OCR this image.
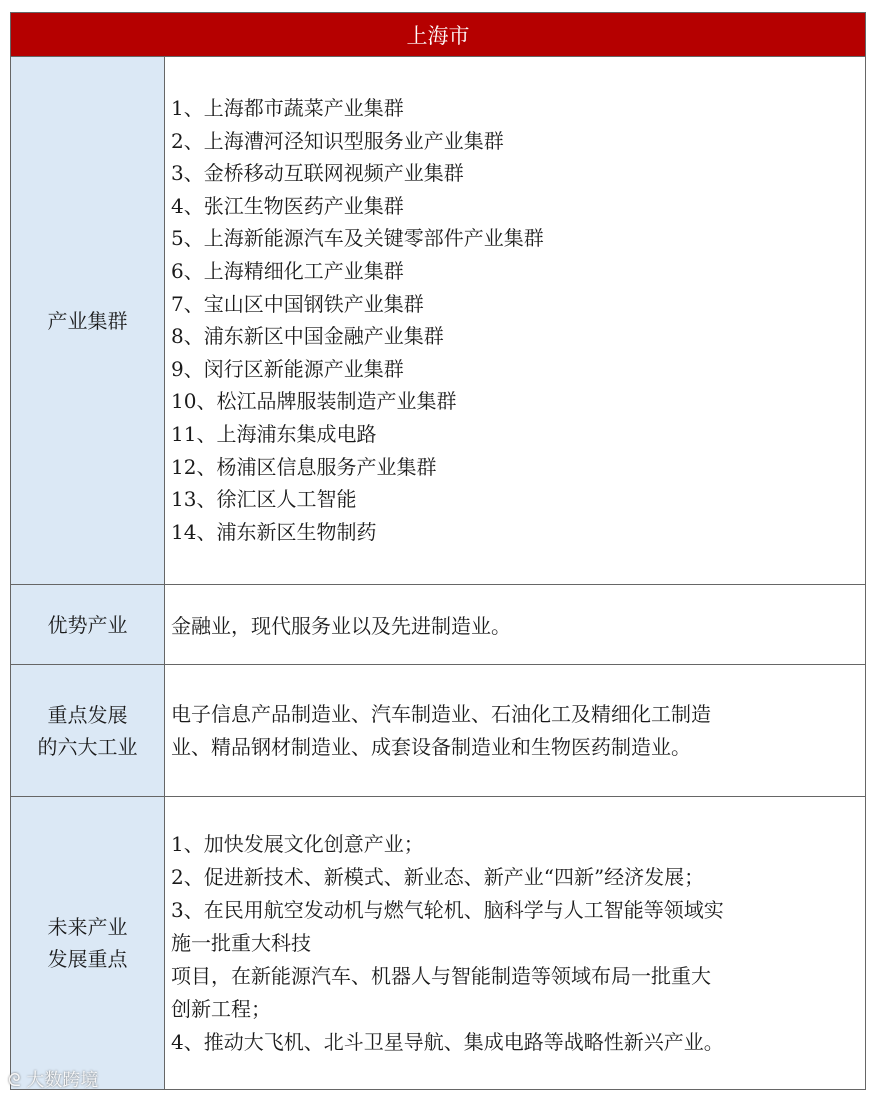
上海市
产业集群
1、上海都市蔬菜产业集群
2、上海漕河泾知识型服务业产业集群
3、金桥移动互联网视频产业集群
4、张江生物医药产业集群
5、上海新能源汽车及关键零部件产业集群
6、上海精细化工产业集群
7、宝山区中国钢铁产业集群
8、浦东新区中国金融产业集群
9、闵行区新能源产业集群
10、松江品牌服装制造产业集群
11、上海浦东集成电路
12、杨浦区信息服务产业集群
13、徐汇区人工智能
14、浦东新区生物制药
优势产业	金融业，现代服务业以及先进制造业。
重点发展
的六大工业
电子信息产品制造业、汽车制造业、石油化工及精细化工制造
业、精品钢材制造业、成套设备制造业和生物医药制造业。
未来产业
发展重点
1、加快发展文化创意产业；
2、促进新技术、新模式、新业态、新产业“四新”经济发展；
3、在民用航空发动机与燃气轮机、脑科学与人工智能等领域实
施一批重大科技
项目，在新能源汽车、机器人与智能制造等领域布局一批重大
创新工程；
4、推动大飞机、北斗卫星导航、集成电路等战略性新兴产业。
ᘓ 大数跨境
